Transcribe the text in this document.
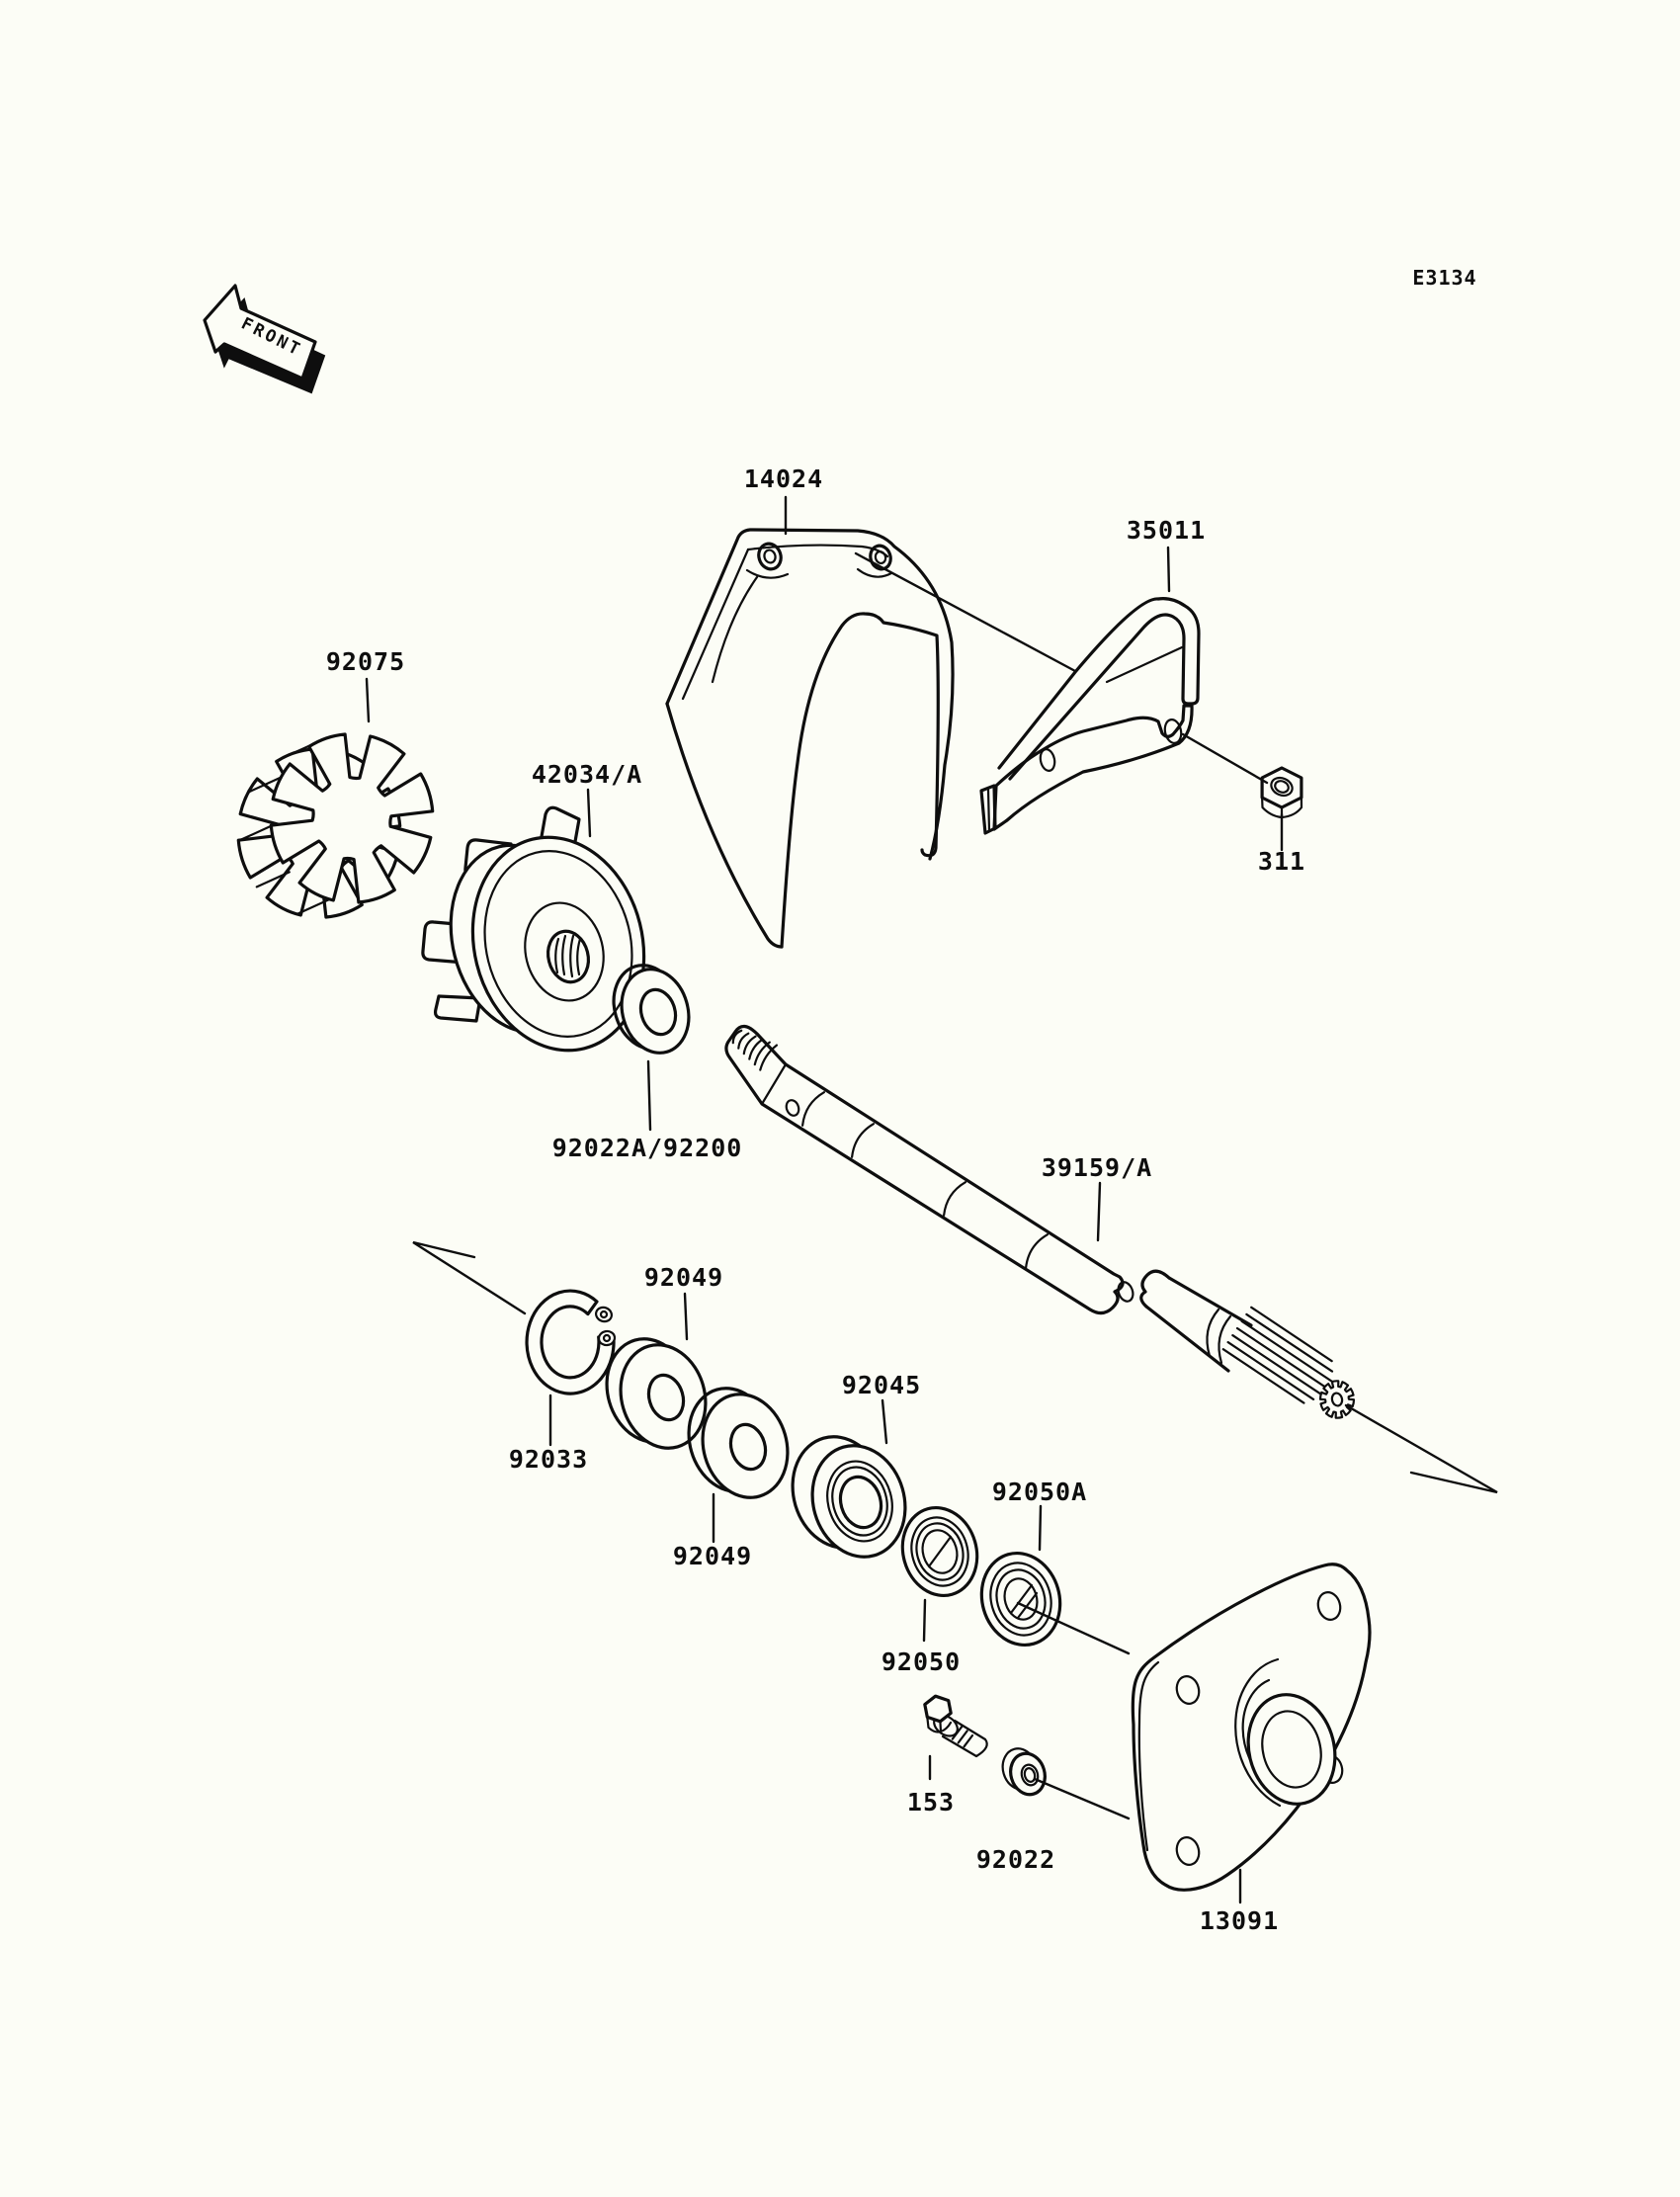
FRONT
E3134
14024
35011
311
92075
42034/A
92022A/92200
39159/A
92049
92033
92049
92045
92050A
92050
153
92022
13091
